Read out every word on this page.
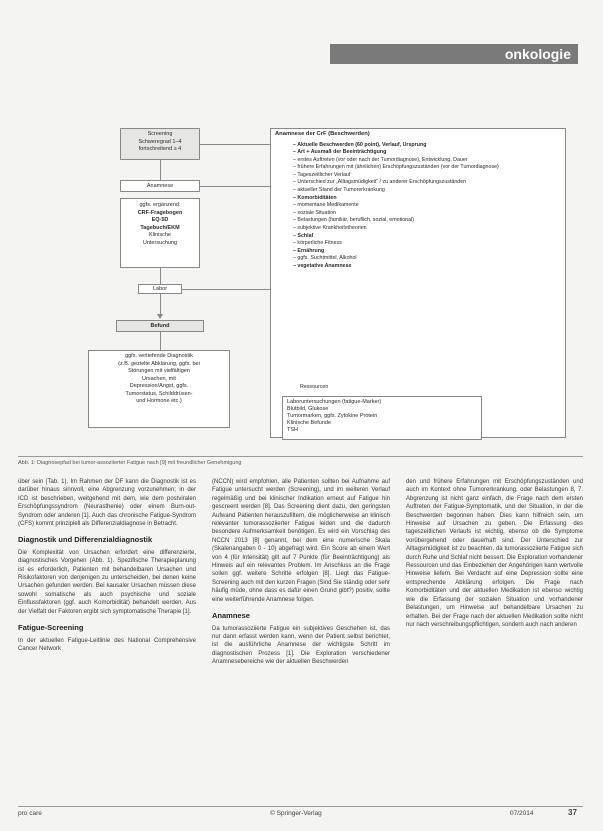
onkologie
Screening
Schweregrad 1–4
fortschreitend ≥ 4
Anamnese
ggfs. ergänzend:
CRF-Fragebogen
EQ-5D
Tagebuch/EKM
Klinische
Untersuchung
Labor
Befund
ggfs. vertiefende Diagnostik
(z.B. gezielte Abklärung, ggfs. bei
Störungen mit vielfältigen
Ursachen, mit
Depression/Angst, ggfs.
Tumorstatus, Schilddrüsen-
und Hormone etc.)
Anamnese der CrF (Beschwerden)
– Aktuelle Beschwerden (60 point), Verlauf, Ursprung
– Art + Ausmaß der Beeinträchtigung
– erstes Auftreten (vor oder nach der Tumordiagnose), Entwicklung, Dauer
– frühere Erfahrungen mit (ähnlichen) Erschöpfungszuständen (vor der Tumordiagnose)
– Tageszeitlicher Verlauf
– Unterschied zur „Alltagsmüdigkeit“ / zu anderer Erschöpfungszuständen
– aktueller Stand der Tumorerkrankung
– Komorbiditäten
– momentane Medikamente
– soziale Situation
– Belastungen (familiär, beruflich, sozial, emotional)
– subjektive Krankheitstheorien
– Schlaf
– körperliche Fitness
– Ernährung
– ggfs. Suchtmittel, Alkohol
– vegetative Anamnese
Laboruntersuchungen (fatigue-Marker)
Blutbild, Glukose
Tumormarken, ggfs. Zytokine Protein
Klinische Befunde
TSH
Abb. 1: Diagnosepfad bei tumor-assoziierter Fatigue nach [9] mit freundlicher Genehmigung

über sein (Tab. 1). Im Rahmen der DF kann die Diagnostik ist es darüber hinaus sinnvoll, eine Abgrenzung vorzunehmen; in der ICD ist beschrieben, weitgehend mit dem, wie dem postviralen Erschöpfungssyndrom (Neurasthenie) oder einem Burn-out-Syndrom oder anderen [1]. Auch das chronische Fatigue-Syndrom (CFS) kommt prinzipiell als Differenzialdiagnose in Betracht.

Diagnostik und Differenzialdiagnostik

Die Komplexität von Ursachen erfordert eine differenzierte, diagnostisches Vorgehen (Abb. 1). Spezifische Therapieplanung ist es erforderlich, Patienten mit behandelbaren Ursachen und Risikofaktoren von denjenigen zu unterscheiden, bei denen keine Ursachen gefunden werden. Bei kausaler Ursachen müssen diese sowohl somatische als auch psychische und soziale Einflussfaktoren (ggf. auch Komorbidität) behandelt werden. Aus der Vielfalt der Faktoren ergibt sich symptomatische Therapie [1].

Fatigue-Screening

In der aktuellen Fatigue-Leitlinie des National Comprehensive Cancer Network

(NCCN) wird empfohlen, alle Patienten sollten bei Aufnahme auf Fatigue untersucht werden (Screening), und im weiteren Verlauf regelmäßig und bei klinischer Indikation erneut auf Fatigue hin gescreent werden [8]. Das Screening dient dazu, den geringsten Aufwand Patienten herauszufiltern, die möglicherweise an klinisch relevanter tumorassoziierter Fatigue leiden und die dadurch besondere Aufmerksamkeit benötigen. Es wird ein Vorschlag des NCCN 2013 [8] genannt, bei dem eine numerische Skala (Skalenangaben 0 - 10) abgefragt wird. Ein Score ab einem Wert von 4 (für Intensität) gilt auf 7 Punkte (für Beeinträchtigung) als Hinweis auf ein relevantes Problem. Im Anschluss an die Frage sollen ggf. weitere Schritte erfolgen [8]. Liegt das Fatigue-Screening auch mit den kurzen Fragen (Sind Sie ständig oder sehr häufig müde, ohne dass es dafür einen Grund gibt?) positiv, sollte eine weiterführende Anamnese folgen.

Anamnese

Da tumorassoziierte Fatigue ein subjektives Geschehen ist, das nur dann erfasst werden kann, wenn der Patient selbst berichtet, ist die ausführliche Anamnese der wichtigste Schritt im diagnostischen Prozess [1]. Die Exploration verschiedener Anamnesebereiche wie der aktuellen Beschwerden

den und frühere Erfahrungen mit Erschöpfungszuständen und auch im Kontext ohne Tumorerkrankung, oder Belastungen 8, 7. Abgrenzung ist nicht ganz einfach, die Frage nach dem ersten Auftreten der Fatigue-Symptomatik, und der Situation, in der die Beschwerden begonnen haben. Dies kann hilfreich sein, um Hinweise auf Ursachen zu geben. Die Erfassung des tageszeitlichen Verlaufs ist wichtig, ebenso ob die Symptome vorübergehend oder dauerhaft sind. Der Unterschied zur Alltagsmüdigkeit ist zu beachten, da tumorassoziierte Fatigue sich durch Ruhe und Schlaf nicht bessert. Die Exploration vorhandener Ressourcen und das Einbeziehen der Angehörigen kann wertvolle Hinweise liefern. Bei Verdacht auf eine Depression sollte eine entsprechende Abklärung erfolgen. Die Frage nach Komorbiditäten und der aktuellen Medikation ist ebenso wichtig wie die Erfassung der sozialen Situation und vorhandener Belastungen, um Hinweise auf behandelbare Ursachen zu erhalten. Bei der Frage nach der aktuellen Medikation sollte nicht nur nach verschreibungspflichtigen, sondern auch nach anderen

pro care	© Springer-Verlag	07/2014	37
Ressourcen
